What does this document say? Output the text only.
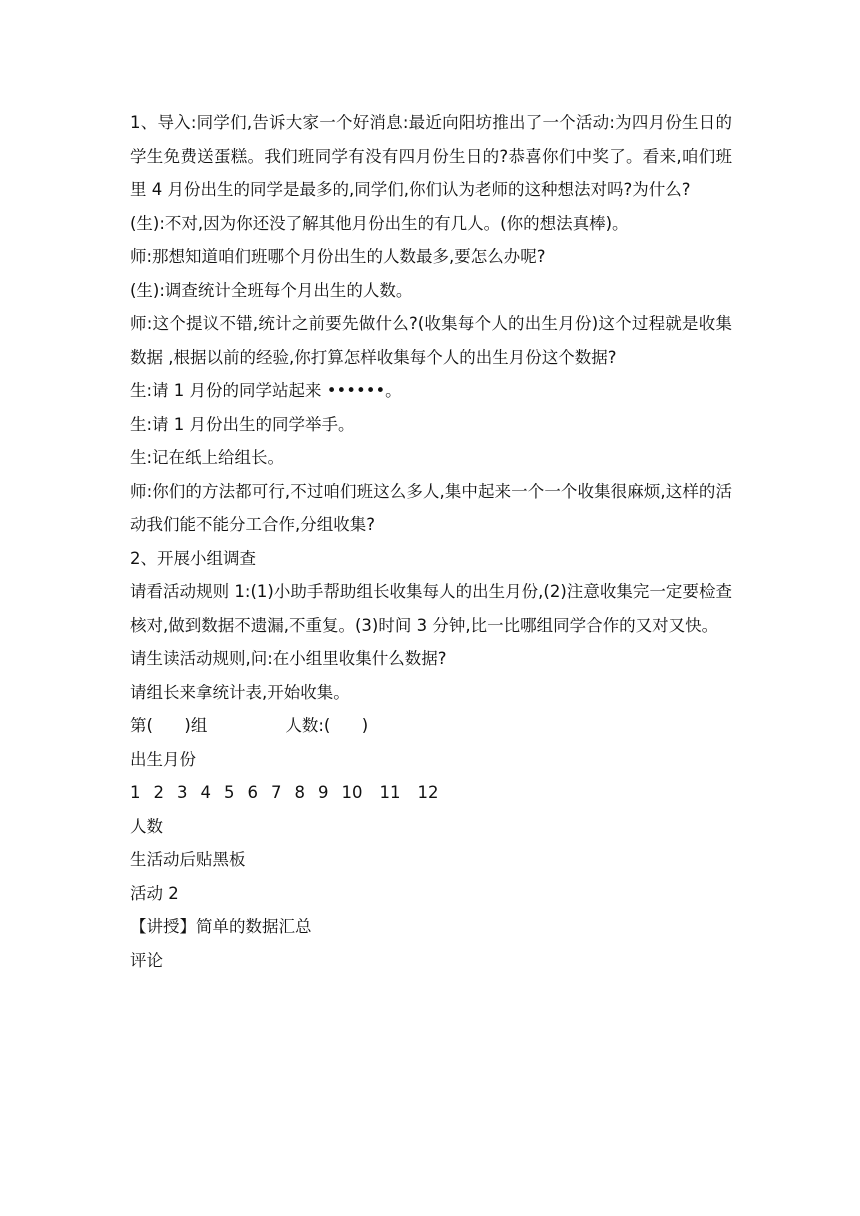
1、导入:同学们,告诉大家一个好消息:最近向阳坊推出了一个活动:为四月份生日的学生免费送蛋糕。我们班同学有没有四月份生日的?恭喜你们中奖了。看来,咱们班里 4 月份出生的同学是最多的,同学们,你们认为老师的这种想法对吗?为什么?

(生):不对,因为你还没了解其他月份出生的有几人。(你的想法真棒)。

师:那想知道咱们班哪个月份出生的人数最多,要怎么办呢?

(生):调查统计全班每个月出生的人数。

师:这个提议不错,统计之前要先做什么?(收集每个人的出生月份)这个过程就是收集数据 ,根据以前的经验,你打算怎样收集每个人的出生月份这个数据?

生:请 1 月份的同学站起来 ••••••。

生:请 1 月份出生的同学举手。

生:记在纸上给组长。

师:你们的方法都可行,不过咱们班这么多人,集中起来一个一个收集很麻烦,这样的活动我们能不能分工合作,分组收集?

2、开展小组调查

请看活动规则 1:(1)小助手帮助组长收集每人的出生月份,(2)注意收集完一定要检查核对,做到数据不遗漏,不重复。(3)时间 3 分钟,比一比哪组同学合作的又对又快。

请生读活动规则,问:在小组里收集什么数据?

请组长来拿统计表,开始收集。

第(      )组	人数:(      )

出生月份

1 2 3 4 5 6 7 8 9 10 11 12

人数

生活动后贴黑板

活动 2

【讲授】简单的数据汇总

评论
